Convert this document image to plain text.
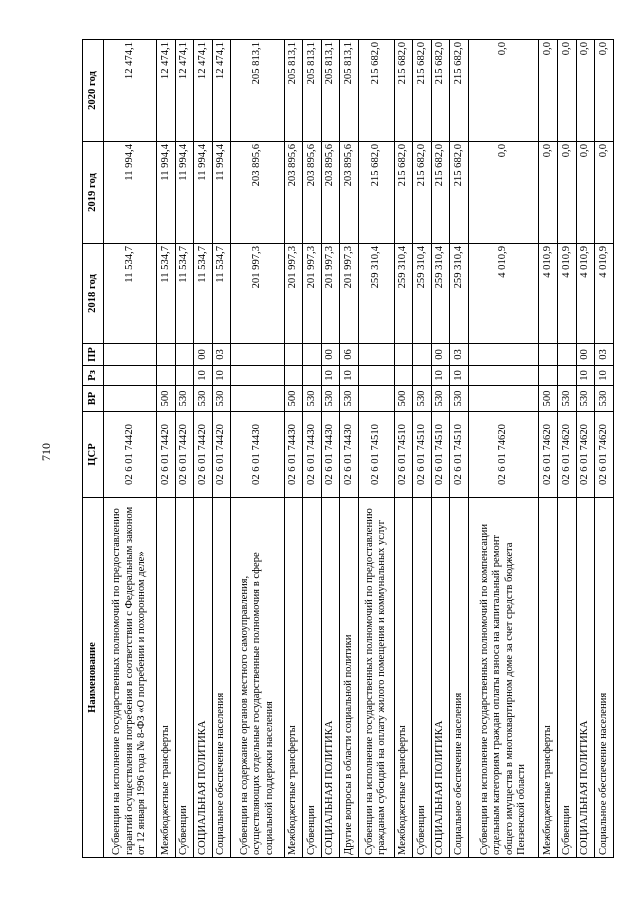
710
Наименование	ЦСР	ВР	Рз	ПР	2018 год	2019 год	2020 год
Субвенции на исполнение государственных полномочий по предоставлению гарантий осуществления погребения в соответствии с Федеральным законом от 12 января 1996 года № 8-ФЗ «О погребении и похоронном деле»	02 6 01 74420				11 534,7	11 994,4	12 474,1
Межбюджетные трансферты	02 6 01 74420	500			11 534,7	11 994,4	12 474,1
Субвенции	02 6 01 74420	530			11 534,7	11 994,4	12 474,1
СОЦИАЛЬНАЯ ПОЛИТИКА	02 6 01 74420	530	10	00	11 534,7	11 994,4	12 474,1
Социальное обеспечение населения	02 6 01 74420	530	10	03	11 534,7	11 994,4	12 474,1
Субвенции на содержание органов местного самоуправления, осуществляющих отдельные государственные полномочия в сфере социальной поддержки населения	02 6 01 74430				201 997,3	203 895,6	205 813,1
Межбюджетные трансферты	02 6 01 74430	500			201 997,3	203 895,6	205 813,1
Субвенции	02 6 01 74430	530			201 997,3	203 895,6	205 813,1
СОЦИАЛЬНАЯ ПОЛИТИКА	02 6 01 74430	530	10	00	201 997,3	203 895,6	205 813,1
Другие вопросы в области социальной политики	02 6 01 74430	530	10	06	201 997,3	203 895,6	205 813,1
Субвенции на исполнение государственных полномочий по предоставлению гражданам субсидий на оплату жилого помещения и коммунальных услуг	02 6 01 74510				259 310,4	215 682,0	215 682,0
Межбюджетные трансферты	02 6 01 74510	500			259 310,4	215 682,0	215 682,0
Субвенции	02 6 01 74510	530			259 310,4	215 682,0	215 682,0
СОЦИАЛЬНАЯ ПОЛИТИКА	02 6 01 74510	530	10	00	259 310,4	215 682,0	215 682,0
Социальное обеспечение населения	02 6 01 74510	530	10	03	259 310,4	215 682,0	215 682,0
Субвенции на исполнение государственных полномочий по компенсации отдельным категориям граждан оплаты взноса на капитальный ремонт общего имущества в многоквартирном доме за счет средств бюджета Пензенской области	02 6 01 74620				4 010,9	0,0	0,0
Межбюджетные трансферты	02 6 01 74620	500			4 010,9	0,0	0,0
Субвенции	02 6 01 74620	530			4 010,9	0,0	0,0
СОЦИАЛЬНАЯ ПОЛИТИКА	02 6 01 74620	530	10	00	4 010,9	0,0	0,0
Социальное обеспечение населения	02 6 01 74620	530	10	03	4 010,9	0,0	0,0
